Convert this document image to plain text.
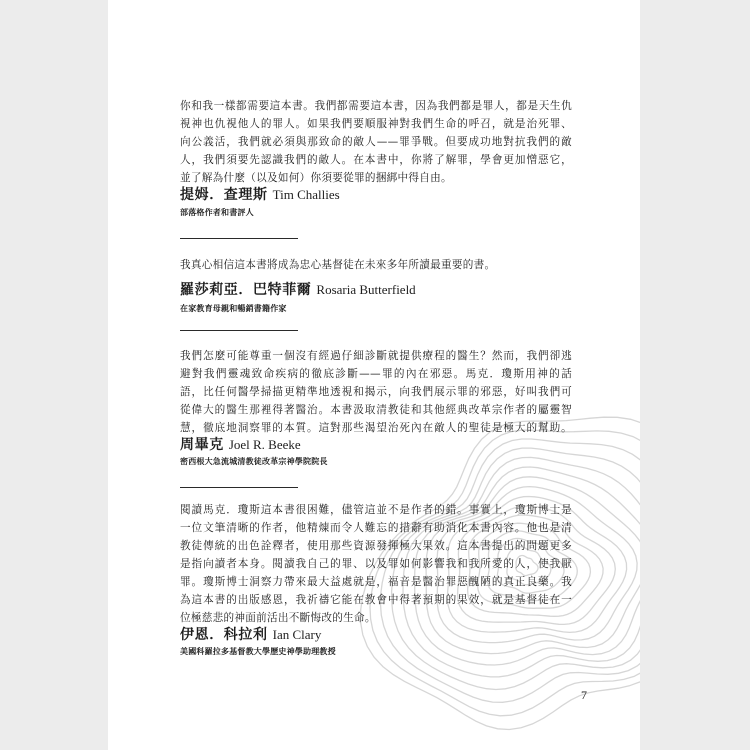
你和我一樣都需要這本書。我們都需要這本書，因為我們都是罪人，都是天生仇
視神也仇視他人的罪人。如果我們要順服神對我們生命的呼召，就是治死罪、
向公義活，我們就必須與那致命的敵人——罪爭戰。但要成功地對抗我們的敵
人，我們須要先認識我們的敵人。在本書中，你將了解罪，學會更加憎惡它，
並了解為什麼（以及如何）你須要從罪的捆綁中得自由。
提姆．查理斯 Tim Challies
部落格作者和書評人
我真心相信這本書將成為忠心基督徒在未來多年所讀最重要的書。
羅莎莉亞．巴特菲爾 Rosaria Butterfield
在家教育母親和暢銷書籍作家
我們怎麼可能尊重一個沒有經過仔細診斷就提供療程的醫生？然而，我們卻逃
避對我們靈魂致命疾病的徹底診斷——罪的內在邪惡。馬克．瓊斯用神的話
語，比任何醫學掃描更精準地透視和揭示，向我們展示罪的邪惡，好叫我們可
從偉大的醫生那裡得著醫治。本書汲取清教徒和其他經典改革宗作者的屬靈智
慧，徹底地洞察罪的本質。這對那些渴望治死內在敵人的聖徒是極大的幫助。
周畢克 Joel R. Beeke
密西根大急流城清教徒改革宗神學院院長
閱讀馬克．瓊斯這本書很困難，儘管這並不是作者的錯。事實上，瓊斯博士是
一位文筆清晰的作者，他精煉而令人難忘的措辭有助消化本書內容。他也是清
教徒傳統的出色詮釋者，使用那些資源發揮極大果效。這本書提出的問題更多
是指向讀者本身。閱讀我自己的罪、以及罪如何影響我和我所愛的人，使我厭
罪。瓊斯博士洞察力帶來最大益處就是，福音是醫治罪惡醜陋的真正良藥。我
為這本書的出版感恩，我祈禱它能在教會中得著預期的果效，就是基督徒在一
位極慈悲的神面前活出不斷悔改的生命。
伊恩．科拉利 Ian Clary
美國科羅拉多基督教大學歷史神學助理教授
7
